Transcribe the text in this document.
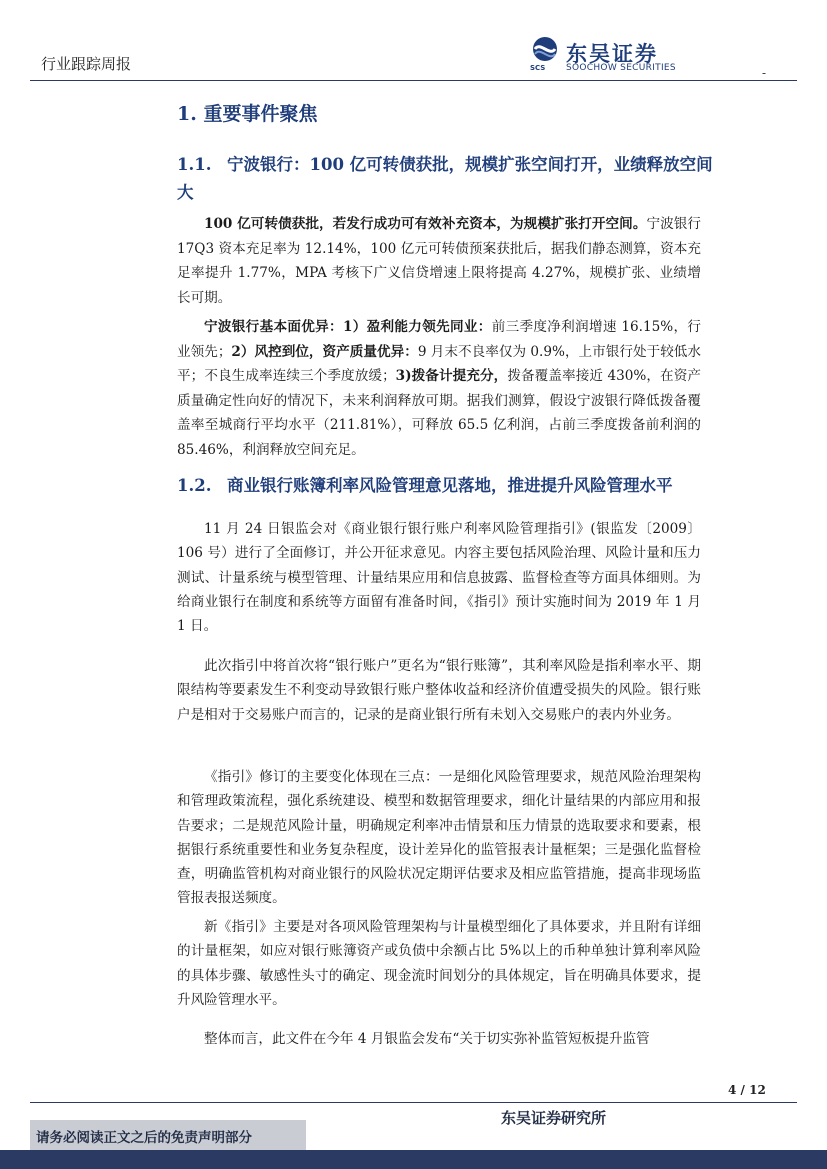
行业跟踪周报	SCS
东吴证券
SOOCHOW SECURITIES	-
1. 重要事件聚焦
1.1. 宁波银行：100 亿可转债获批，规模扩张空间打开，业绩释放空间大
100 亿可转债获批，若发行成功可有效补充资本，为规模扩张打开空间。宁波银行 17Q3 资本充足率为 12.14%，100 亿元可转债预案获批后，据我们静态测算，资本充足率提升 1.77%，MPA 考核下广义信贷增速上限将提高 4.27%，规模扩张、业绩增长可期。
宁波银行基本面优异：1）盈利能力领先同业：前三季度净利润增速 16.15%，行业领先；2）风控到位，资产质量优异：9 月末不良率仅为 0.9%，上市银行处于较低水平；不良生成率连续三个季度放缓；3)拨备计提充分，拨备覆盖率接近 430%，在资产质量确定性向好的情况下，未来利润释放可期。据我们测算，假设宁波银行降低拨备覆盖率至城商行平均水平（211.81%），可释放 65.5 亿利润，占前三季度拨备前利润的 85.46%，利润释放空间充足。
1.2. 商业银行账簿利率风险管理意见落地，推进提升风险管理水平
11 月 24 日银监会对《商业银行银行账户利率风险管理指引》(银监发〔2009〕106 号）进行了全面修订，并公开征求意见。内容主要包括风险治理、风险计量和压力测试、计量系统与模型管理、计量结果应用和信息披露、监督检查等方面具体细则。为给商业银行在制度和系统等方面留有准备时间，《指引》预计实施时间为 2019 年 1 月 1 日。
此次指引中将首次将“银行账户”更名为“银行账簿”，其利率风险是指利率水平、期限结构等要素发生不利变动导致银行账户整体收益和经济价值遭受损失的风险。银行账户是相对于交易账户而言的，记录的是商业银行所有未划入交易账户的表内外业务。
《指引》修订的主要变化体现在三点：一是细化风险管理要求，规范风险治理架构和管理政策流程，强化系统建设、模型和数据管理要求，细化计量结果的内部应用和报告要求；二是规范风险计量，明确规定利率冲击情景和压力情景的选取要求和要素，根据银行系统重要性和业务复杂程度，设计差异化的监管报表计量框架；三是强化监督检查，明确监管机构对商业银行的风险状况定期评估要求及相应监管措施，提高非现场监管报表报送频度。
新《指引》主要是对各项风险管理架构与计量模型细化了具体要求，并且附有详细的计量框架，如应对银行账簿资产或负债中余额占比 5%以上的币种单独计算利率风险的具体步骤、敏感性头寸的确定、现金流时间划分的具体规定，旨在明确具体要求，提升风险管理水平。
整体而言，此文件在今年 4 月银监会发布“关于切实弥补监管短板提升监管
4 / 12
东吴证券研究所
请务必阅读正文之后的免责声明部分
